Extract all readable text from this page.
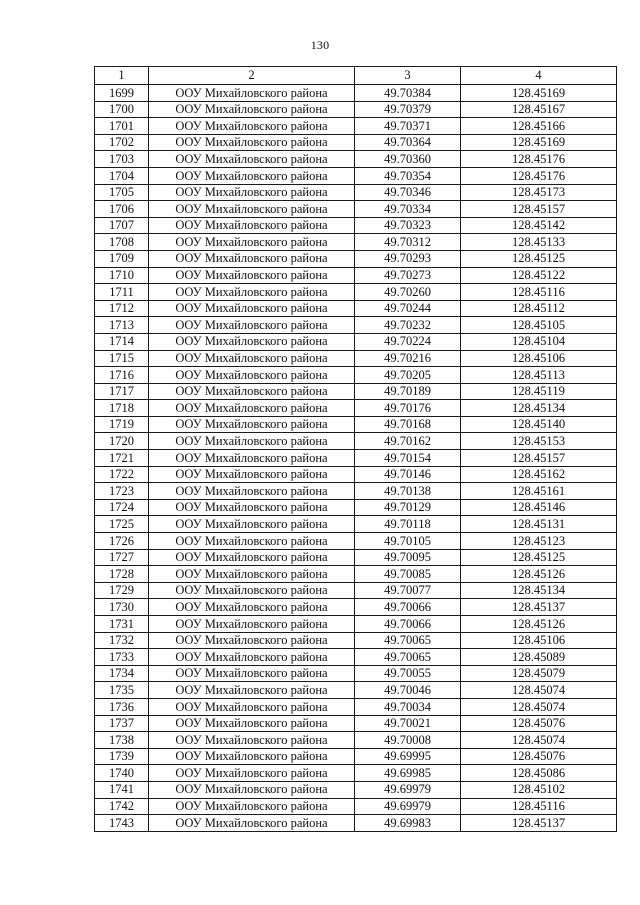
130
1	2	3	4
1699	ООУ Михайловского района	49.70384	128.45169
1700	ООУ Михайловского района	49.70379	128.45167
1701	ООУ Михайловского района	49.70371	128.45166
1702	ООУ Михайловского района	49.70364	128.45169
1703	ООУ Михайловского района	49.70360	128.45176
1704	ООУ Михайловского района	49.70354	128.45176
1705	ООУ Михайловского района	49.70346	128.45173
1706	ООУ Михайловского района	49.70334	128.45157
1707	ООУ Михайловского района	49.70323	128.45142
1708	ООУ Михайловского района	49.70312	128.45133
1709	ООУ Михайловского района	49.70293	128.45125
1710	ООУ Михайловского района	49.70273	128.45122
1711	ООУ Михайловского района	49.70260	128.45116
1712	ООУ Михайловского района	49.70244	128.45112
1713	ООУ Михайловского района	49.70232	128.45105
1714	ООУ Михайловского района	49.70224	128.45104
1715	ООУ Михайловского района	49.70216	128.45106
1716	ООУ Михайловского района	49.70205	128.45113
1717	ООУ Михайловского района	49.70189	128.45119
1718	ООУ Михайловского района	49.70176	128.45134
1719	ООУ Михайловского района	49.70168	128.45140
1720	ООУ Михайловского района	49.70162	128.45153
1721	ООУ Михайловского района	49.70154	128.45157
1722	ООУ Михайловского района	49.70146	128.45162
1723	ООУ Михайловского района	49.70138	128.45161
1724	ООУ Михайловского района	49.70129	128.45146
1725	ООУ Михайловского района	49.70118	128.45131
1726	ООУ Михайловского района	49.70105	128.45123
1727	ООУ Михайловского района	49.70095	128.45125
1728	ООУ Михайловского района	49.70085	128.45126
1729	ООУ Михайловского района	49.70077	128.45134
1730	ООУ Михайловского района	49.70066	128.45137
1731	ООУ Михайловского района	49.70066	128.45126
1732	ООУ Михайловского района	49.70065	128.45106
1733	ООУ Михайловского района	49.70065	128.45089
1734	ООУ Михайловского района	49.70055	128.45079
1735	ООУ Михайловского района	49.70046	128.45074
1736	ООУ Михайловского района	49.70034	128.45074
1737	ООУ Михайловского района	49.70021	128.45076
1738	ООУ Михайловского района	49.70008	128.45074
1739	ООУ Михайловского района	49.69995	128.45076
1740	ООУ Михайловского района	49.69985	128.45086
1741	ООУ Михайловского района	49.69979	128.45102
1742	ООУ Михайловского района	49.69979	128.45116
1743	ООУ Михайловского района	49.69983	128.45137
